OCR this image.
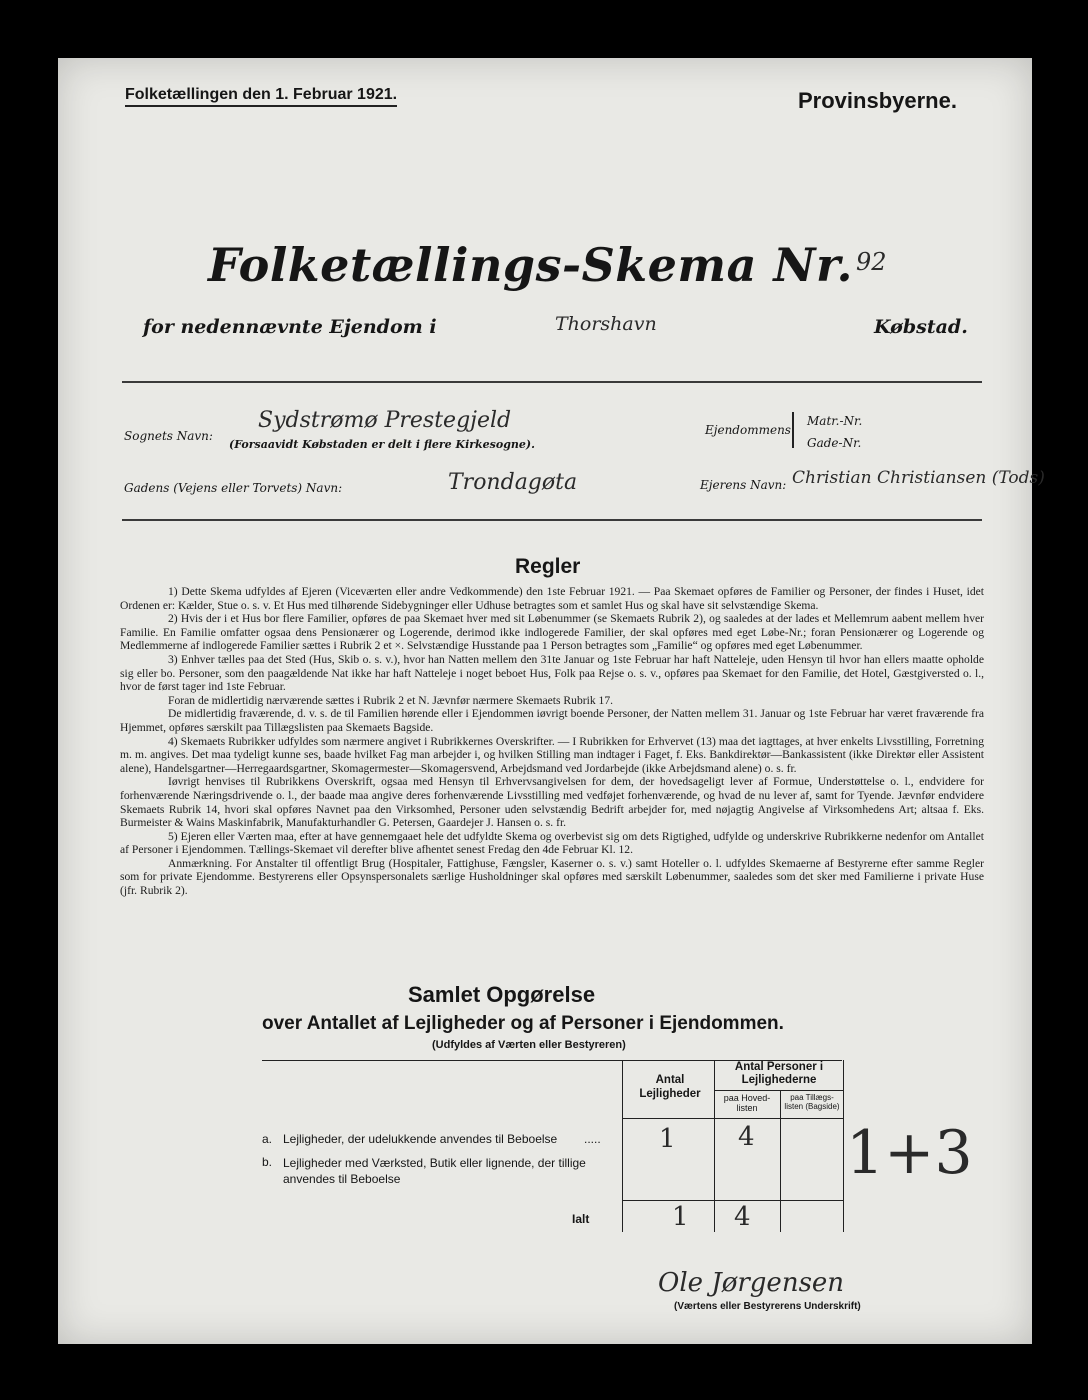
Folketællingen den 1. Februar 1921.	Provinsbyerne.
Folketællings-Skema Nr. 92
for nedennævnte Ejendom i	Thorshavn	Købstad.
Sognets Navn:
Sydstrømø Prestegjeld
(Forsaavidt Købstaden er delt i flere Kirkesogne).
Ejendommens
Matr.-Nr.
Gade-Nr.
Gadens (Vejens eller Torvets) Navn:	Trondagøta	Ejerens Navn: Christian Christiansen (Tods)
Regler

1) Dette Skema udfyldes af Ejeren (Viceværten eller andre Vedkommende) den 1ste Februar 1921. — Paa Skemaet opføres de Familier og Personer, der findes i Huset, idet Ordenen er: Kælder, Stue o. s. v. Et Hus med tilhørende Sidebygninger eller Udhuse betragtes som et samlet Hus og skal have sit selvstændige Skema.

2) Hvis der i et Hus bor flere Familier, opføres de paa Skemaet hver med sit Løbenummer (se Skemaets Rubrik 2), og saaledes at der lades et Mellemrum aabent mellem hver Familie. En Familie omfatter ogsaa dens Pensionærer og Logerende, derimod ikke indlogerede Familier, der skal opføres med eget Løbe-Nr.; foran Pensionærer og Logerende og Medlemmerne af indlogerede Familier sættes i Rubrik 2 et ×. Selvstændige Husstande paa 1 Person betragtes som „Familie“ og opføres med eget Løbenummer.

3) Enhver tælles paa det Sted (Hus, Skib o. s. v.), hvor han Natten mellem den 31te Januar og 1ste Februar har haft Natteleje, uden Hensyn til hvor han ellers maatte opholde sig eller bo. Personer, som den paagældende Nat ikke har haft Natteleje i noget beboet Hus, Folk paa Rejse o. s. v., opføres paa Skemaet for den Familie, det Hotel, Gæstgiversted o. l., hvor de først tager ind 1ste Februar.

Foran de midlertidig nærværende sættes i Rubrik 2 et N. Jævnfør nærmere Skemaets Rubrik 17.

De midlertidig fraværende, d. v. s. de til Familien hørende eller i Ejendommen iøvrigt boende Personer, der Natten mellem 31. Januar og 1ste Februar har været fraværende fra Hjemmet, opføres særskilt paa Tillægslisten paa Skemaets Bagside.

4) Skemaets Rubrikker udfyldes som nærmere angivet i Rubrikkernes Overskrifter. — I Rubrikken for Erhvervet (13) maa det iagttages, at hver enkelts Livsstilling, Forretning m. m. angives. Det maa tydeligt kunne ses, baade hvilket Fag man arbejder i, og hvilken Stilling man indtager i Faget, f. Eks. Bankdirektør—Bankassistent (ikke Direktør eller Assistent alene), Handelsgartner—Herregaardsgartner, Skomagermester—Skomagersvend, Arbejdsmand ved Jordarbejde (ikke Arbejdsmand alene) o. s. fr.

Iøvrigt henvises til Rubrikkens Overskrift, ogsaa med Hensyn til Erhvervsangivelsen for dem, der hovedsageligt lever af Formue, Understøttelse o. l., endvidere for forhenværende Næringsdrivende o. l., der baade maa angive deres forhenværende Livsstilling med vedføjet forhenværende, og hvad de nu lever af, samt for Tyende. Jævnfør endvidere Skemaets Rubrik 14, hvori skal opføres Navnet paa den Virksomhed, Personer uden selvstændig Bedrift arbejder for, med nøjagtig Angivelse af Virksomhedens Art; altsaa f. Eks. Burmeister & Wains Maskinfabrik, Manufakturhandler G. Petersen, Gaardejer J. Hansen o. s. fr.

5) Ejeren eller Værten maa, efter at have gennemgaaet hele det udfyldte Skema og overbevist sig om dets Rigtighed, udfylde og underskrive Rubrikkerne nedenfor om Antallet af Personer i Ejendommen. Tællings-Skemaet vil derefter blive afhentet senest Fredag den 4de Februar Kl. 12.

Anmærkning. For Anstalter til offentligt Brug (Hospitaler, Fattighuse, Fængsler, Kaserner o. s. v.) samt Hoteller o. l. udfyldes Skemaerne af Bestyrerne efter samme Regler som for private Ejendomme. Bestyrerens eller Opsynspersonalets særlige Husholdninger skal opføres med særskilt Løbenummer, saaledes som det sker med Familierne i private Huse (jfr. Rubrik 2).

Samlet Opgørelse
over Antallet af Lejligheder og af Personer i Ejendommen.
(Udfyldes af Værten eller Bestyreren)
Antal Lejligheder
Antal Personer i Lejlighederne
paa Hoved-listen
paa Tillægs-listen (Bagside)
a. Lejligheder, der udelukkende anvendes til Beboelse ..... 1 4
b. Lejligheder med Værksted, Butik eller lignende, der tillige anvendes til Beboelse
Ialt	1 4
1+3
Ole Jørgensen
(Værtens eller Bestyrerens Underskrift)
